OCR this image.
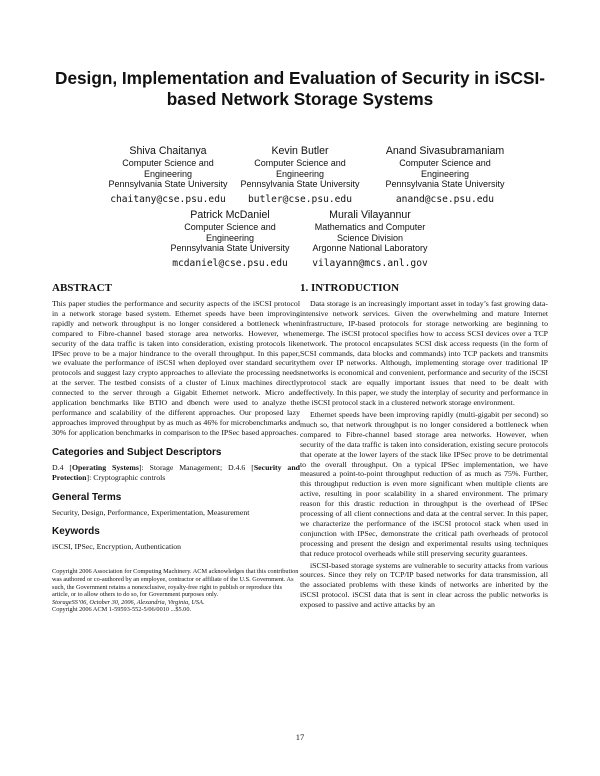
Design, Implementation and Evaluation of Security in iSCSI-based Network Storage Systems
Shiva Chaitanya
Computer Science and Engineering
Pennsylvania State University
chaitany@cse.psu.edu
Kevin Butler
Computer Science and Engineering
Pennsylvania State University
butler@cse.psu.edu
Anand Sivasubramaniam
Computer Science and Engineering
Pennsylvania State University
anand@cse.psu.edu
Patrick McDaniel
Computer Science and Engineering
Pennsylvania State University
mcdaniel@cse.psu.edu
Murali Vilayannur
Mathematics and Computer Science Division
Argonne National Laboratory
vilayann@mcs.anl.gov
ABSTRACT

This paper studies the performance and security aspects of the iSCSI protocol in a network storage based system. Ethernet speeds have been improving rapidly and network throughput is no longer considered a bottleneck when compared to Fibre-channel based storage area networks. However, when security of the data traffic is taken into consideration, existing protocols like IPSec prove to be a major hindrance to the overall throughput. In this paper, we evaluate the performance of iSCSI when deployed over standard security protocols and suggest lazy crypto approaches to alleviate the processing needs at the server. The testbed consists of a cluster of Linux machines directly connected to the server through a Gigabit Ethernet network. Micro and application benchmarks like BTIO and dbench were used to analyze the performance and scalability of the different approaches. Our proposed lazy approaches improved throughput by as much as 46% for microbenchmarks and 30% for application benchmarks in comparison to the IPSec based approaches.

Categories and Subject Descriptors

D.4 [Operating Systems]: Storage Management; D.4.6 [Security and Protection]: Cryptographic controls

General Terms

Security, Design, Performance, Experimentation, Measurement

Keywords

iSCSI, IPSec, Encryption, Authentication

Copyright 2006 Association for Computing Machinery. ACM acknowledges that this contribution was authored or co-authored by an employee, contractor or affiliate of the U.S. Government. As such, the Government retains a nonexclusive, royalty-free right to publish or reproduce this article, or to allow others to do so, for Government purposes only.

StorageSS’06, October 30, 2006, Alexandria, Virginia, USA.

Copyright 2006 ACM 1-59593-552-5/06/0010 ...$5.00.

1. INTRODUCTION

Data storage is an increasingly important asset in today’s fast growing data-intensive network services. Given the overwhelming and mature Internet infrastructure, IP-based protocols for storage networking are beginning to emerge. The iSCSI protocol specifies how to access SCSI devices over a TCP network. The protocol encapsulates SCSI disk access requests (in the form of SCSI commands, data blocks and commands) into TCP packets and transmits them over IP networks. Although, implementing storage over traditional IP networks is economical and convenient, performance and security of the iSCSI protocol stack are equally important issues that need to be dealt with effectively. In this paper, we study the interplay of security and performance in the iSCSI protocol stack in a clustered network storage environment.

Ethernet speeds have been improving rapidly (multi-gigabit per second) so much so, that network throughput is no longer considered a bottleneck when compared to Fibre-channel based storage area networks. However, when security of the data traffic is taken into consideration, existing secure protocols that operate at the lower layers of the stack like IPSec prove to be detrimental to the overall throughput. On a typical IPSec implementation, we have measured a point-to-point throughput reduction of as much as 75%. Further, this throughput reduction is even more significant when multiple clients are active, resulting in poor scalability in a shared environment. The primary reason for this drastic reduction in throughput is the overhead of IPSec processing of all client connections and data at the central server. In this paper, we characterize the performance of the iSCSI protocol stack when used in conjunction with IPSec, demonstrate the critical path overheads of protocol processing and present the design and experimental results using techniques that reduce protocol overheads while still preserving security guarantees.

iSCSI-based storage systems are vulnerable to security attacks from various sources. Since they rely on TCP/IP based networks for data transmission, all the associated problems with these kinds of networks are inherited by the iSCSI protocol. iSCSI data that is sent in clear across the public networks is exposed to passive and active attacks by an

17
